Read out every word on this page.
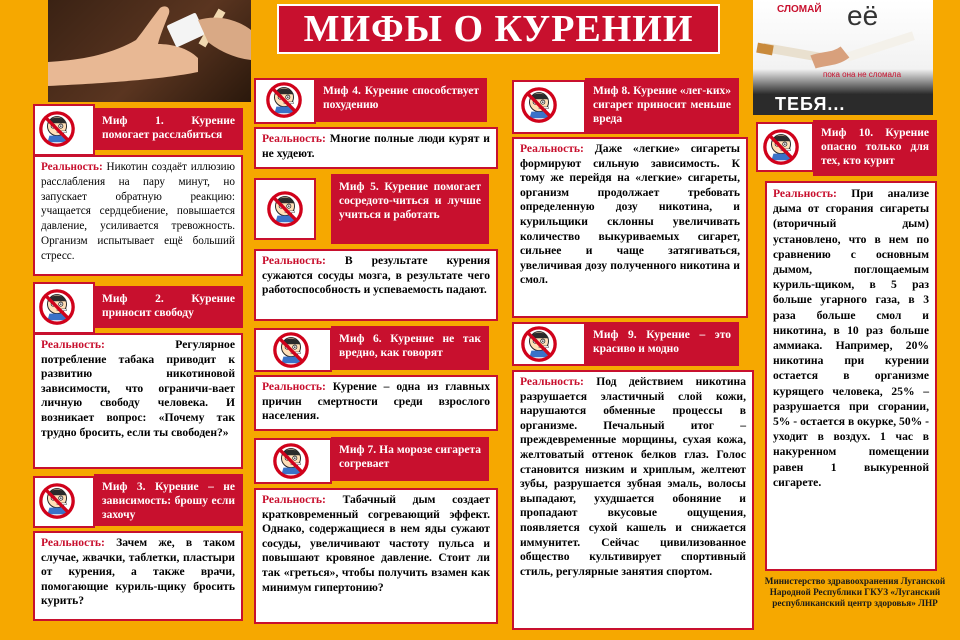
СЛОМАЙ её
пока она не сломала
ТЕБЯ...
МИФЫ О КУРЕНИИ
Миф 1. Курение помогает расслабиться
Реальность: Никотин создаёт иллюзию расслабления на пару минут, но запускает обратную реакцию: учащается сердцебиение, повышается давление, усиливается тревожность. Организм испытывает ещё больший стресс.
Миф 2. Курение приносит свободу
Реальность: Регулярное потребление табака приводит к развитию никотиновой зависимости, что ограничи-вает личную свободу человека. И возникает вопрос: «Почему так трудно бросить, если ты свободен?»
Миф 3. Курение – не зависимость: брошу если захочу
Реальность: Зачем же, в таком случае, жвачки, таблетки, пластыри от курения, а также врачи, помогающие куриль-щику бросить курить?
Миф 4. Курение способствует похудению
Реальность: Многие полные люди курят и не худеют.
Миф 5. Курение помогает сосредото-читься и лучше учиться и работать
Реальность: В результате курения сужаются сосуды мозга, в результате чего работоспособность и успеваемость падают.
Миф 6. Курение не так вредно, как говорят
Реальность: Курение – одна из главных причин смертности среди взрослого населения.
Миф 7. На морозе сигарета согревает
Реальность: Табачный дым создает кратковременный согревающий эффект. Однако, содержащиеся в нем яды сужают сосуды, увеличивают частоту пульса и повышают кровяное давление. Стоит ли так «греться», чтобы получить взамен как минимум гипертонию?
Миф 8. Курение «лег-ких» сигарет приносит меньше вреда
Реальность: Даже «легкие» сигареты формируют сильную зависимость. К тому же перейдя на «легкие» сигареты, организм продолжает требовать определенную дозу никотина, и курильщики склонны увеличивать количество выкуриваемых сигарет, сильнее и чаще затягиваться, увеличивая дозу полученного никотина и смол.
Миф 9. Курение – это красиво и модно
Реальность: Под действием никотина разрушается эластичный слой кожи, нарушаются обменные процессы в организме. Печальный итог – преждевременные морщины, сухая кожа, желтоватый оттенок белков глаз. Голос становится низким и хриплым, желтеют зубы, разрушается зубная эмаль, волосы выпадают, ухудшается обоняние и пропадают вкусовые ощущения, появляется сухой кашель и снижается иммунитет. Сейчас цивилизованное общество культивирует спортивный стиль, регулярные занятия спортом.
Миф 10. Курение опасно только для тех, кто курит
Реальность: При анализе дыма от сгорания сигареты (вторичный дым) установлено, что в нем по сравнению с основным дымом, поглощаемым куриль-щиком, в 5 раз больше угарного газа, в 3 раза больше смол и никотина, в 10 раз больше аммиака. Например, 20% никотина при курении остается в организме курящего человека, 25% – разрушается при сгорании, 5% - остается в окурке, 50% - уходит в воздух. 1 час в накуренном помещении равен 1 выкуренной сигарете.
Министерство здравоохранения Луганской Народной Республики ГКУЗ «Луганский республиканский центр здоровья» ЛНР
